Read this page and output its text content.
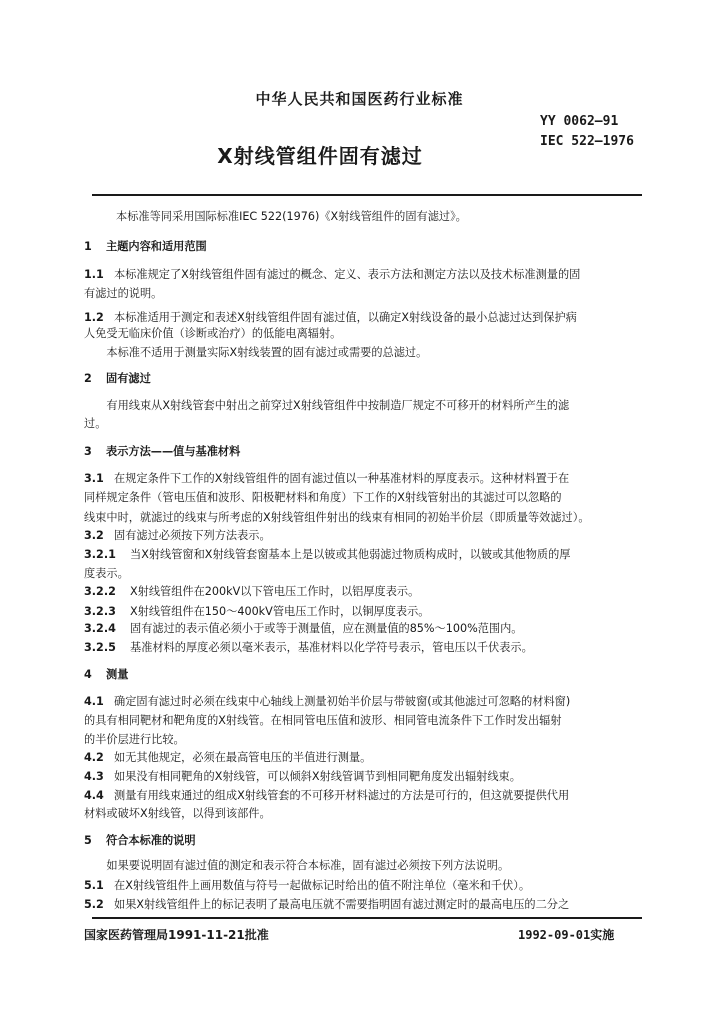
中华人民共和国医药行业标准
YY 0062—91
IEC 522—1976
X射线管组件固有滤过
本标准等同采用国际标准IEC 522(1976)《X射线管组件的固有滤过》。
1 主题内容和适用范围
1.1 本标准规定了X射线管组件固有滤过的概念、定义、表示方法和测定方法以及技术标准测量的固
有滤过的说明。
1.2 本标准适用于测定和表述X射线管组件固有滤过值，以确定X射线设备的最小总滤过达到保护病
人免受无临床价值（诊断或治疗）的低能电离辐射。
　　本标准不适用于测量实际X射线装置的固有滤过或需要的总滤过。
2 固有滤过
　　有用线束从X射线管套中射出之前穿过X射线管组件中按制造厂规定不可移开的材料所产生的滤
过。
3 表示方法——值与基准材料
3.1 在规定条件下工作的X射线管组件的固有滤过值以一种基准材料的厚度表示。这种材料置于在
同样规定条件（管电压值和波形、阳极靶材料和角度）下工作的X射线管射出的其滤过可以忽略的
线束中时，就滤过的线束与所考虑的X射线管组件射出的线束有相同的初始半价层（即质量等效滤过）。
3.2 固有滤过必须按下列方法表示。
3.2.1 当X射线管窗和X射线管套窗基本上是以铍或其他弱滤过物质构成时，以铍或其他物质的厚
度表示。
3.2.2 X射线管组件在200kV以下管电压工作时，以铝厚度表示。
3.2.3 X射线管组件在150～400kV管电压工作时，以铜厚度表示。
3.2.4 固有滤过的表示值必须小于或等于测量值，应在测量值的85%～100%范围内。
3.2.5 基准材料的厚度必须以毫米表示，基准材料以化学符号表示，管电压以千伏表示。
4 测量
4.1 确定固有滤过时必须在线束中心轴线上测量初始半价层与带铍窗(或其他滤过可忽略的材料窗)
的具有相同靶材和靶角度的X射线管。在相同管电压值和波形、相同管电流条件下工作时发出辐射
的半价层进行比较。
4.2 如无其他规定，必须在最高管电压的半值进行测量。
4.3 如果没有相同靶角的X射线管，可以倾斜X射线管调节到相同靶角度发出辐射线束。
4.4 测量有用线束通过的组成X射线管套的不可移开材料滤过的方法是可行的，但这就要提供代用
材料或破坏X射线管，以得到该部件。
5 符合本标准的说明
　　如果要说明固有滤过值的测定和表示符合本标准，固有滤过必须按下列方法说明。
5.1 在X射线管组件上画用数值与符号一起做标记时给出的值不附注单位（毫米和千伏）。
5.2 如果X射线管组件上的标记表明了最高电压就不需要指明固有滤过测定时的最高电压的二分之
国家医药管理局1991-11-21批准	1992-09-01实施
